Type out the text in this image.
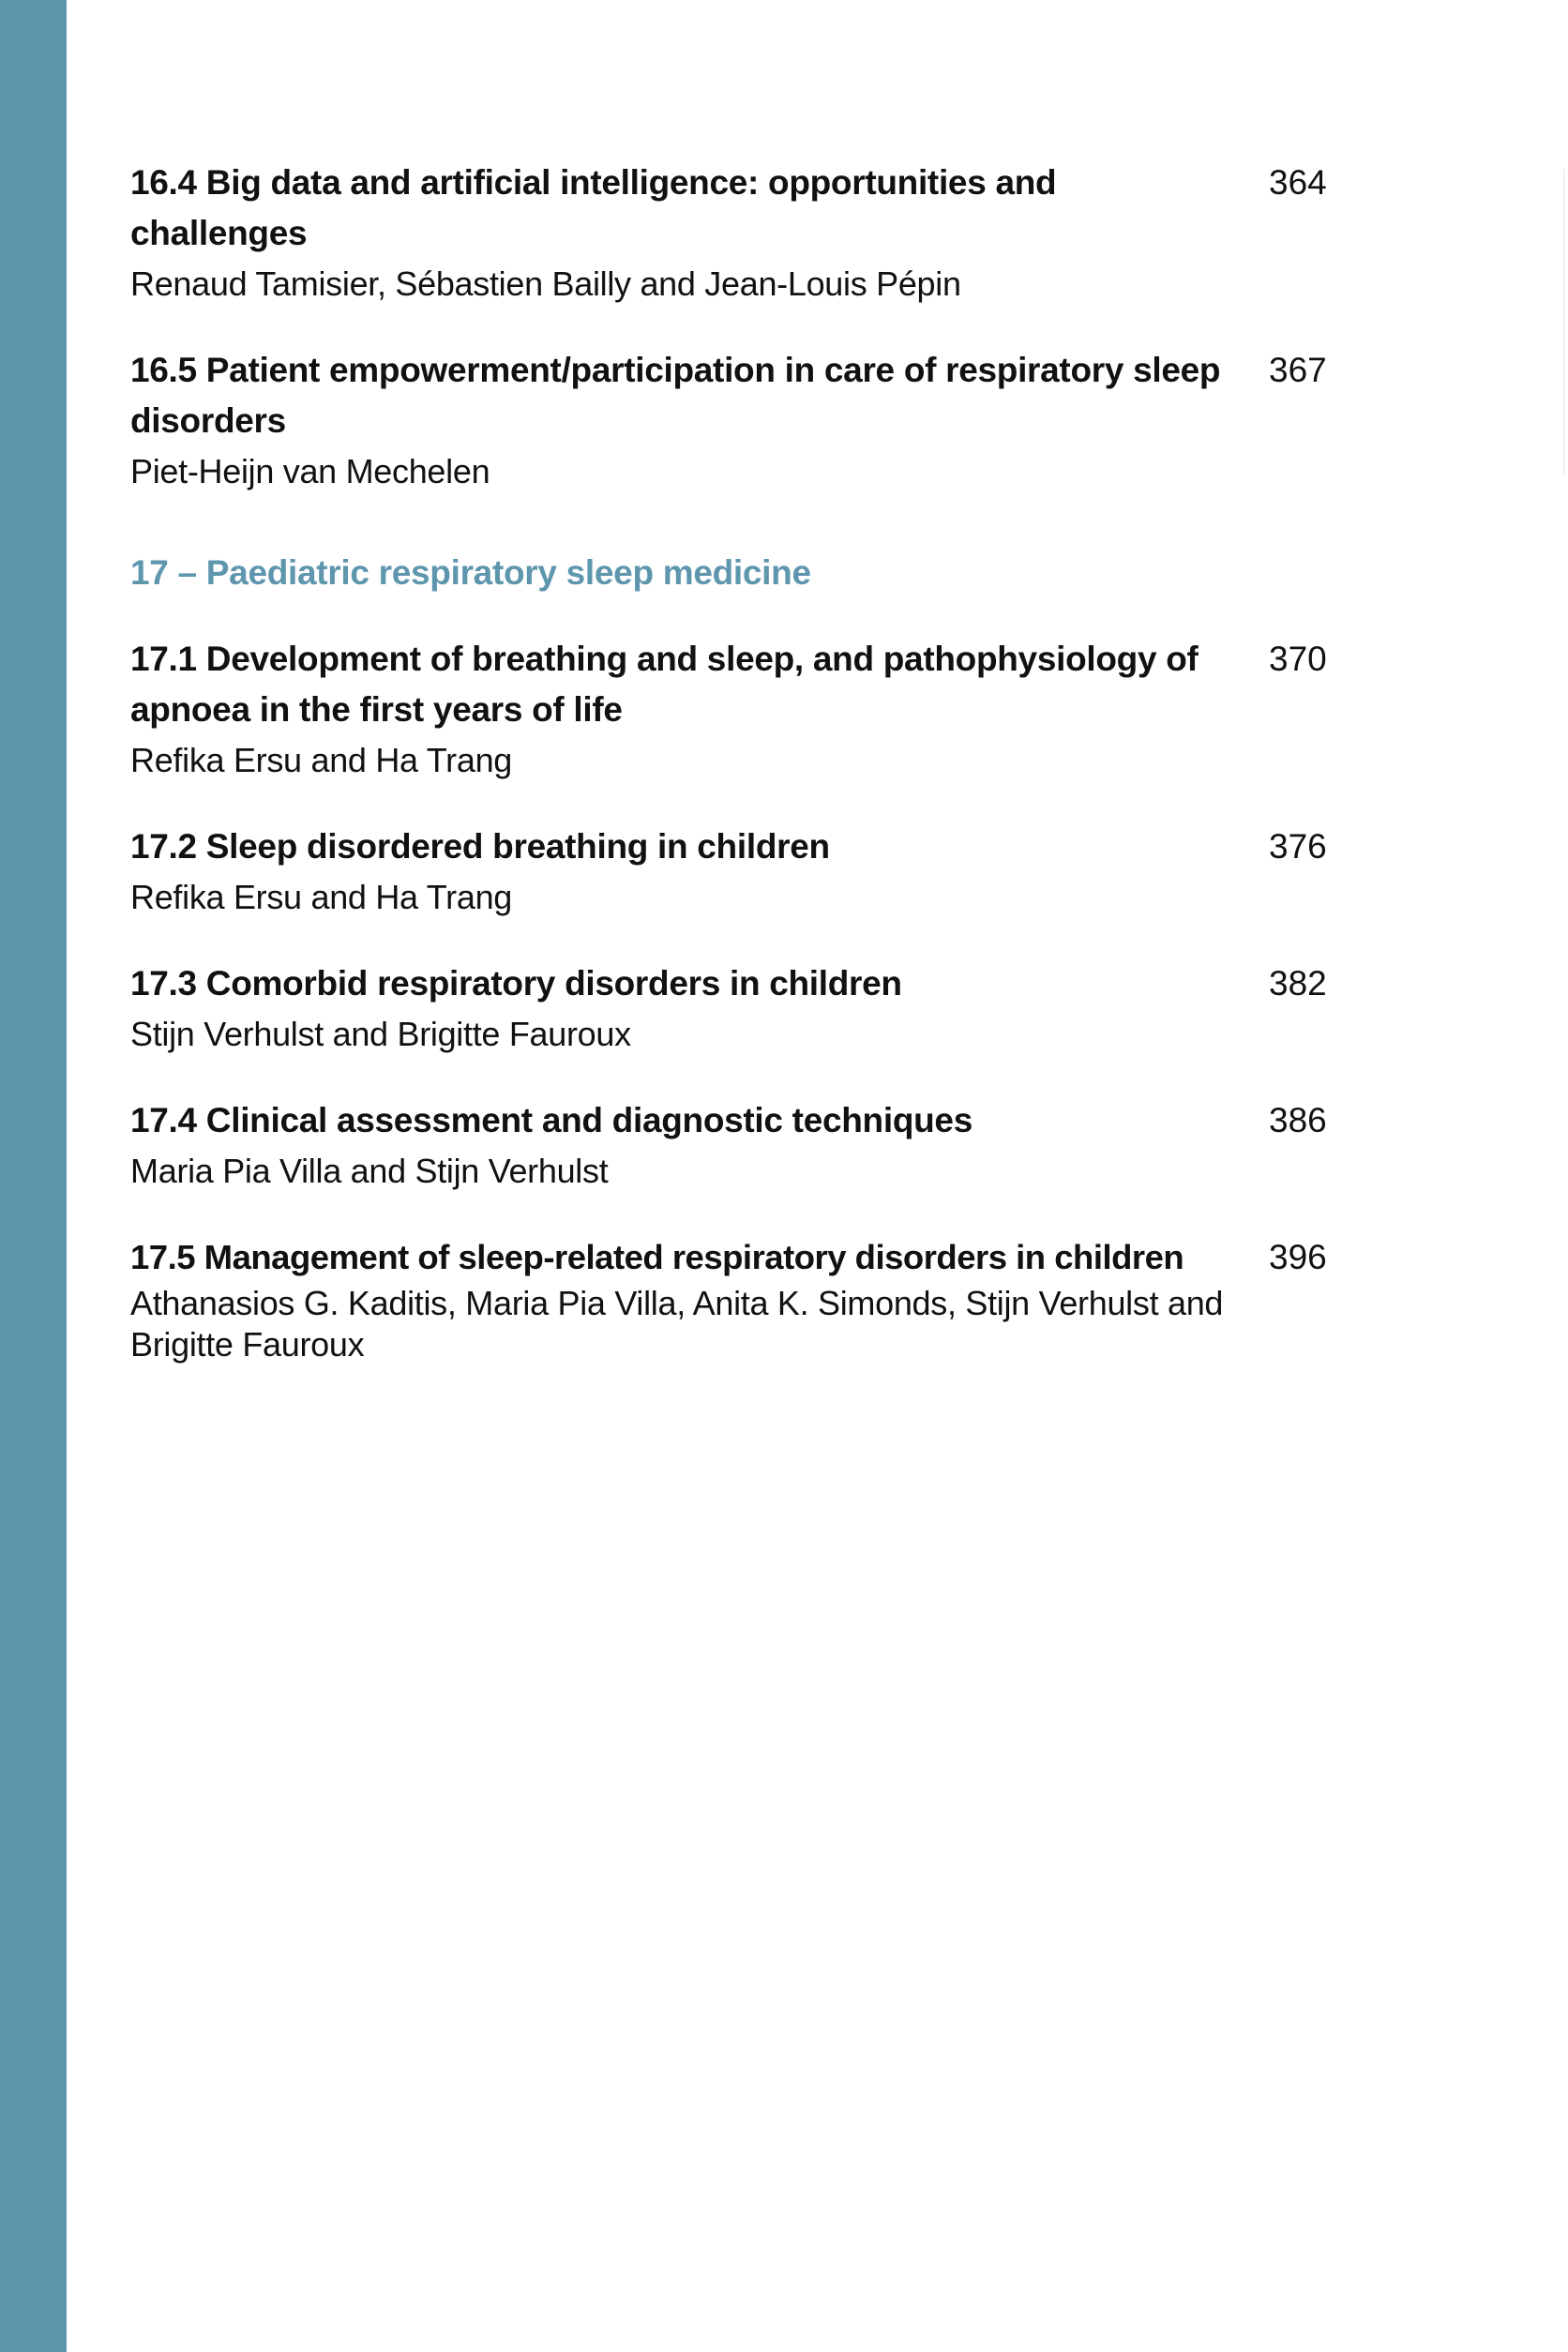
16.4 Big data and artificial intelligence: opportunities and challenges
Renaud Tamisier, Sébastien Bailly and Jean-Louis Pépin
364
16.5 Patient empowerment/participation in care of respiratory sleep disorders
Piet-Heijn van Mechelen
367
17 – Paediatric respiratory sleep medicine
17.1 Development of breathing and sleep, and pathophysiology of apnoea in the first years of life
Refika Ersu and Ha Trang
370
17.2 Sleep disordered breathing in children
Refika Ersu and Ha Trang
376
17.3 Comorbid respiratory disorders in children
Stijn Verhulst and Brigitte Fauroux
382
17.4 Clinical assessment and diagnostic techniques
Maria Pia Villa and Stijn Verhulst
386
17.5 Management of sleep-related respiratory disorders in children
Athanasios G. Kaditis, Maria Pia Villa, Anita K. Simonds, Stijn Verhulst and Brigitte Fauroux
396
